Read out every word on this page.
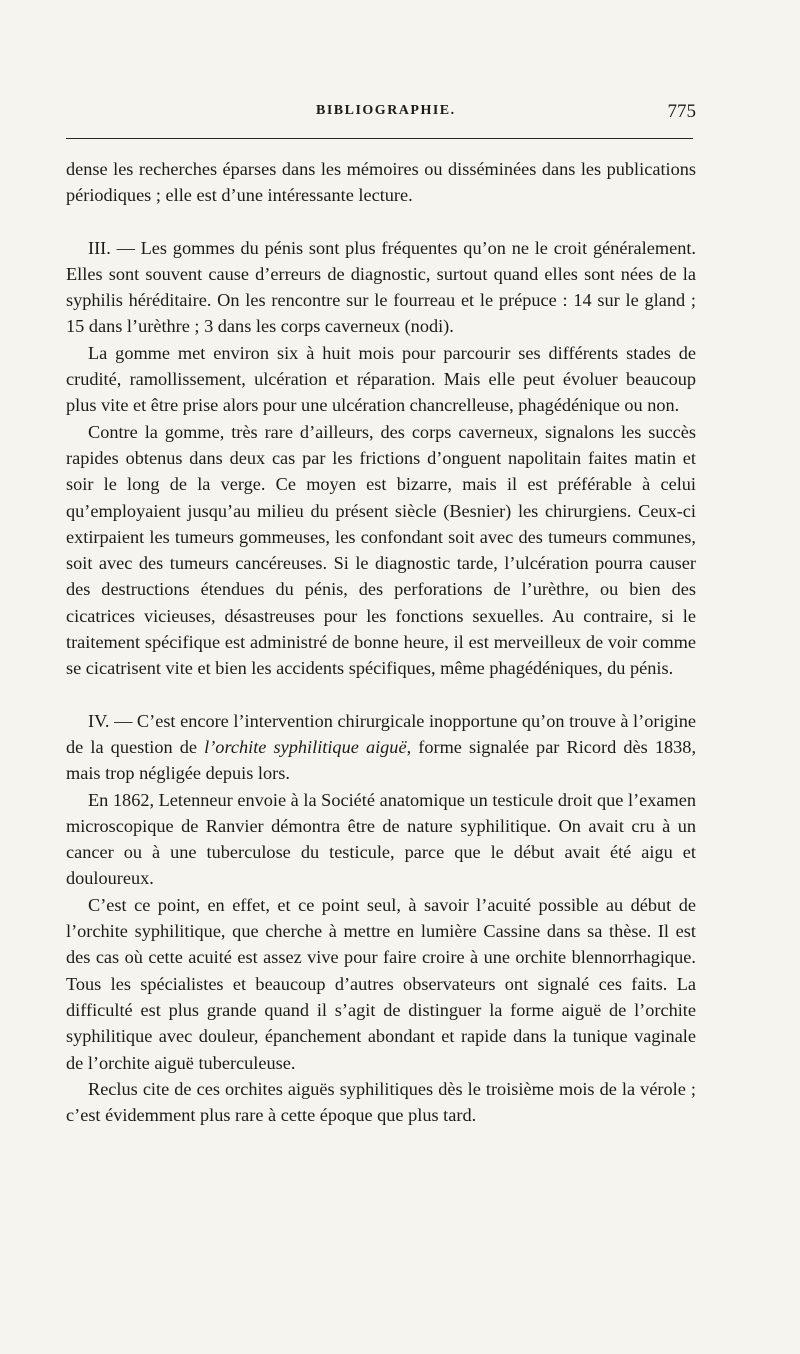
BIBLIOGRAPHIE.	775

dense les recherches éparses dans les mémoires ou disséminées dans les publications périodiques ; elle est d’une intéressante lecture.

III. — Les gommes du pénis sont plus fréquentes qu’on ne le croit généralement. Elles sont souvent cause d’erreurs de diagnostic, surtout quand elles sont nées de la syphilis héréditaire. On les rencontre sur le fourreau et le prépuce : 14 sur le gland ; 15 dans l’urèthre ; 3 dans les corps caverneux (nodi).

La gomme met environ six à huit mois pour parcourir ses différents stades de crudité, ramollissement, ulcération et réparation. Mais elle peut évoluer beaucoup plus vite et être prise alors pour une ulcération chancrelleuse, phagédénique ou non.

Contre la gomme, très rare d’ailleurs, des corps caverneux, signalons les succès rapides obtenus dans deux cas par les frictions d’onguent napolitain faites matin et soir le long de la verge. Ce moyen est bizarre, mais il est préférable à celui qu’employaient jusqu’au milieu du présent siècle (Besnier) les chirurgiens. Ceux-ci extirpaient les tumeurs gommeuses, les confondant soit avec des tumeurs communes, soit avec des tumeurs cancéreuses. Si le diagnostic tarde, l’ulcération pourra causer des destructions étendues du pénis, des perforations de l’urèthre, ou bien des cicatrices vicieuses, désastreuses pour les fonctions sexuelles. Au contraire, si le traitement spécifique est administré de bonne heure, il est merveilleux de voir comme se cicatrisent vite et bien les accidents spécifiques, même phagédéniques, du pénis.

IV. — C’est encore l’intervention chirurgicale inopportune qu’on trouve à l’origine de la question de l’orchite syphilitique aiguë, forme signalée par Ricord dès 1838, mais trop négligée depuis lors.

En 1862, Letenneur envoie à la Société anatomique un testicule droit que l’examen microscopique de Ranvier démontra être de nature syphilitique. On avait cru à un cancer ou à une tuberculose du testicule, parce que le début avait été aigu et douloureux.

C’est ce point, en effet, et ce point seul, à savoir l’acuité possible au début de l’orchite syphilitique, que cherche à mettre en lumière Cassine dans sa thèse. Il est des cas où cette acuité est assez vive pour faire croire à une orchite blennorrhagique. Tous les spécialistes et beaucoup d’autres observateurs ont signalé ces faits. La difficulté est plus grande quand il s’agit de distinguer la forme aiguë de l’orchite syphilitique avec douleur, épanchement abondant et rapide dans la tunique vaginale de l’orchite aiguë tuberculeuse.

Reclus cite de ces orchites aiguës syphilitiques dès le troisième mois de la vérole ; c’est évidemment plus rare à cette époque que plus tard.
